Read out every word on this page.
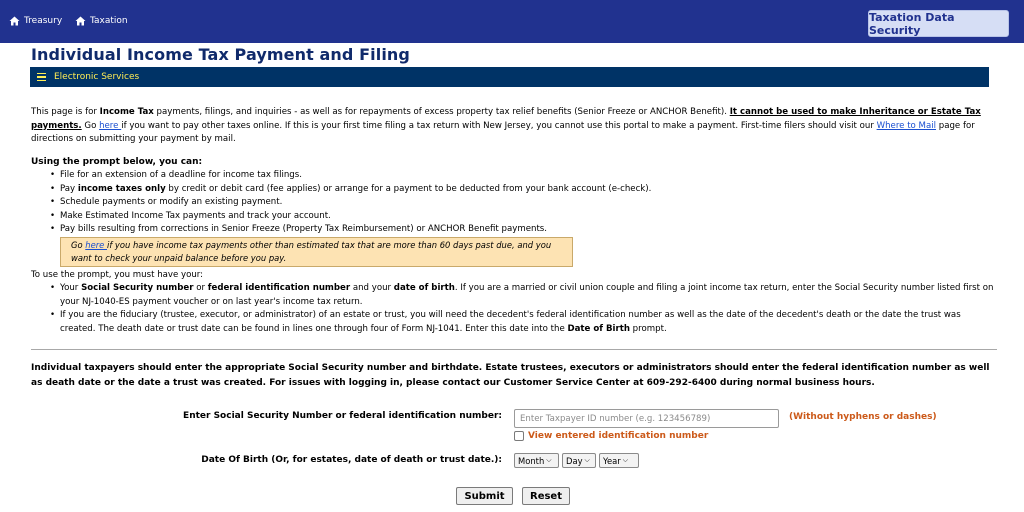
Treasury	Taxation	Taxation Data Security
Individual Income Tax Payment and Filing
Electronic Services

This page is for Income Tax payments, filings, and inquiries - as well as for repayments of excess property tax relief benefits (Senior Freeze or ANCHOR Benefit). It cannot be used to make Inheritance or Estate Tax payments. Go here if you want to pay other taxes online. If this is your first time filing a tax return with New Jersey, you cannot use this portal to make a payment. First-time filers should visit our Where to Mail page for directions on submitting your payment by mail.

Using the prompt below, you can:
• File for an extension of a deadline for income tax filings.
• Pay income taxes only by credit or debit card (fee applies) or arrange for a payment to be deducted from your bank account (e-check).
• Schedule payments or modify an existing payment.
• Make Estimated Income Tax payments and track your account.
• Pay bills resulting from corrections in Senior Freeze (Property Tax Reimbursement) or ANCHOR Benefit payments.
Go here if you have income tax payments other than estimated tax that are more than 60 days past due, and you want to check your unpaid balance before you pay.
To use the prompt, you must have your:
• Your Social Security number or federal identification number and your date of birth. If you are a married or civil union couple and filing a joint income tax return, enter the Social Security number listed first on your NJ-1040-ES payment voucher or on last year's income tax return.
• If you are the fiduciary (trustee, executor, or administrator) of an estate or trust, you will need the decedent's federal identification number as well as the date of the decedent's death or the date the trust was created. The death date or trust date can be found in lines one through four of Form NJ-1041. Enter this date into the Date of Birth prompt.
Individual taxpayers should enter the appropriate Social Security number and birthdate. Estate trustees, executors or administrators should enter the federal identification number as well as death date or the date a trust was created. For issues with logging in, please contact our Customer Service Center at 609-292-6400 during normal business hours.
Enter Social Security Number or federal identification number:
Enter Taxpayer ID number (e.g. 123456789)	(Without hyphens or dashes)
View entered identification number
Date Of Birth (Or, for estates, date of death or trust date.): Month ⌵ Day ⌵ Year ⌵
Submit	Reset
